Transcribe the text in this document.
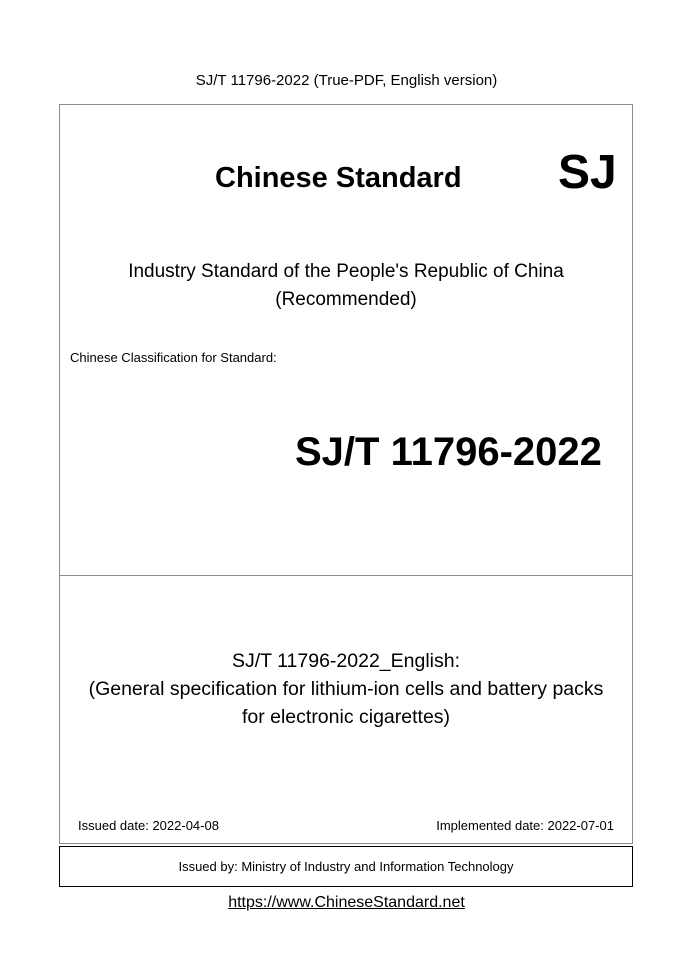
SJ/T 11796-2022 (True-PDF, English version)
Chinese Standard SJ
Industry Standard of the People's Republic of China
(Recommended)
Chinese Classification for Standard:
SJ/T 11796-2022
SJ/T 11796-2022_English:
(General specification for lithium-ion cells and battery packs
for electronic cigarettes)
Issued date: 2022-04-08	Implemented date: 2022-07-01
Issued by: Ministry of Industry and Information Technology
https://www.ChineseStandard.net
